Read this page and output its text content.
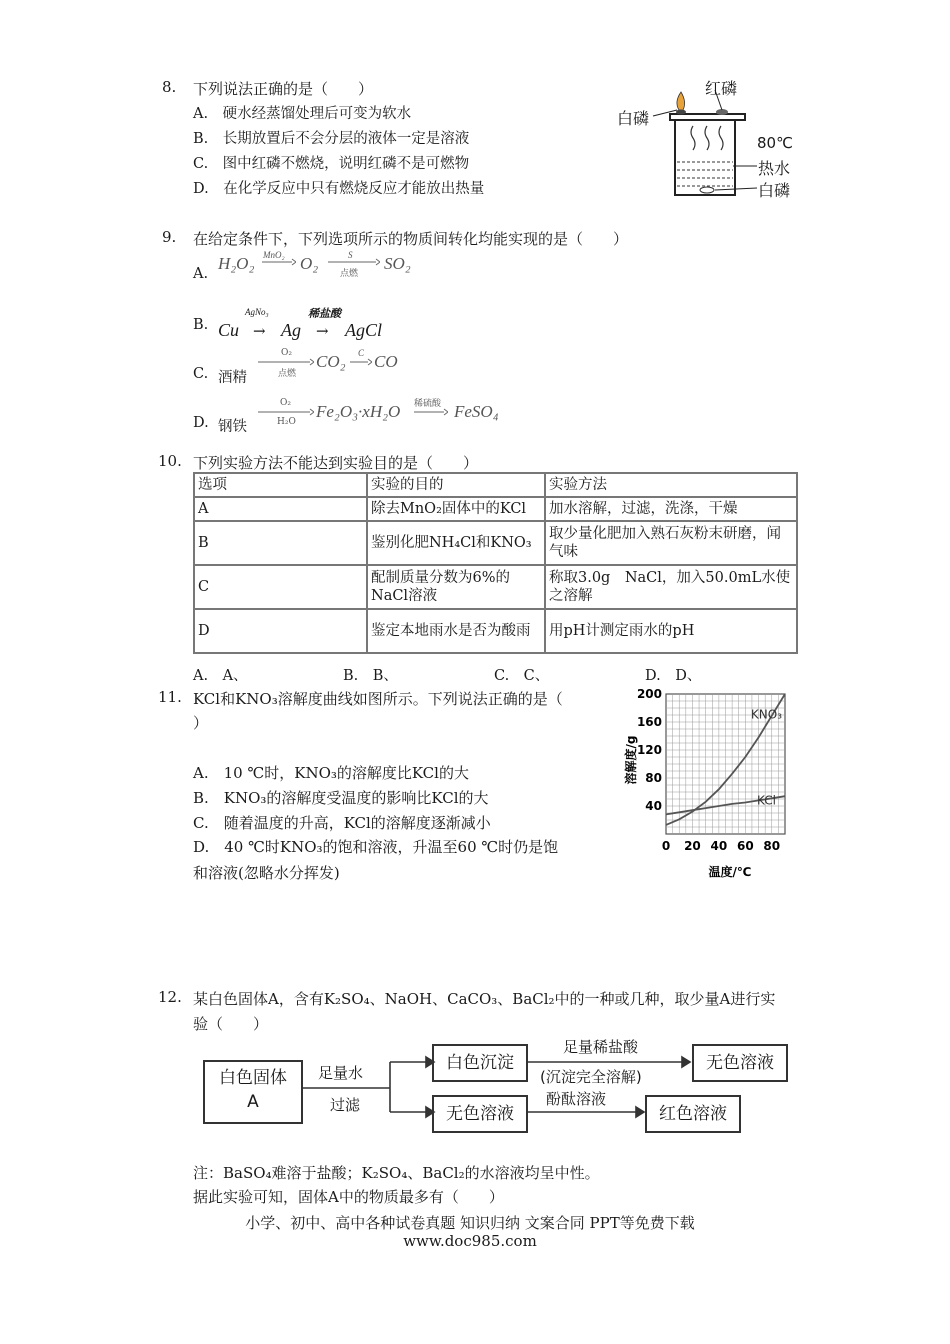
8. 下列说法正确的是（　　）
A.　硬水经蒸馏处理后可变为软水
B.　长期放置后不会分层的液体一定是溶液
C.　图中红磷不燃烧，说明红磷不是可燃物
D.　在化学反应中只有燃烧反应才能放出热量
红磷
白磷
80℃
热水
白磷
9. 在给定条件下，下列选项所示的物质间转化均能实现的是（　　）
A.
H₂O₂ MnO₂ O₂	S
点燃
SO₂
B.
AgNo₃	稀盐酸
Cu → Ag → AgCl
C. 酒精
O₂
点燃
CO₂ C CO
D. 钢铁
O₂
H₂O
Fe₂O₃·xH₂O 稀硫酸 FeSO₄
10. 下列实验方法不能达到实验目的是（　　）
选项	实验的目的	实验方法
A	除去MnO₂固体中的KCl	加水溶解，过滤，洗涤，干燥
B	鉴别化肥NH₄Cl和KNO₃	取少量化肥加入熟石灰粉末研磨，闻气味
C	配制质量分数为6%的NaCl溶液	称取3.0g　NaCl，加入50.0mL水使之溶解
D	鉴定本地雨水是否为酸雨	用pH计测定雨水的pH
A.　A、	B.　B、	C.　C、	D.　D、
11. KCl和KNO₃溶解度曲线如图所示。下列说法正确的是（
）
A.　10 ℃时，KNO₃的溶解度比KCl的大
B.　KNO₃的溶解度受温度的影响比KCl的大
C.　随着温度的升高，KCl的溶解度逐渐减小
D.　40 ℃时KNO₃的饱和溶液，升温至60 ℃时仍是饱
和溶液(忽略水分挥发)
0 20 40 60 80
40
80
120
160
200
KNO₃
KCl
温度/℃
溶解度/g
12. 某白色固体A，含有K₂SO₄、NaOH、CaCO₃、BaCl₂中的一种或几种，取少量A进行实
验（　　）
白色固体
A
白色沉淀	无色溶液
无色溶液	红色溶液
足量水
过滤
足量稀盐酸
(沉淀完全溶解)
酚酞溶液
注：BaSO₄难溶于盐酸；K₂SO₄、BaCl₂的水溶液均呈中性。
据此实验可知，固体A中的物质最多有（　　）
小学、初中、高中各种试卷真题 知识归纳 文案合同 PPT等免费下载
www.doc985.com
